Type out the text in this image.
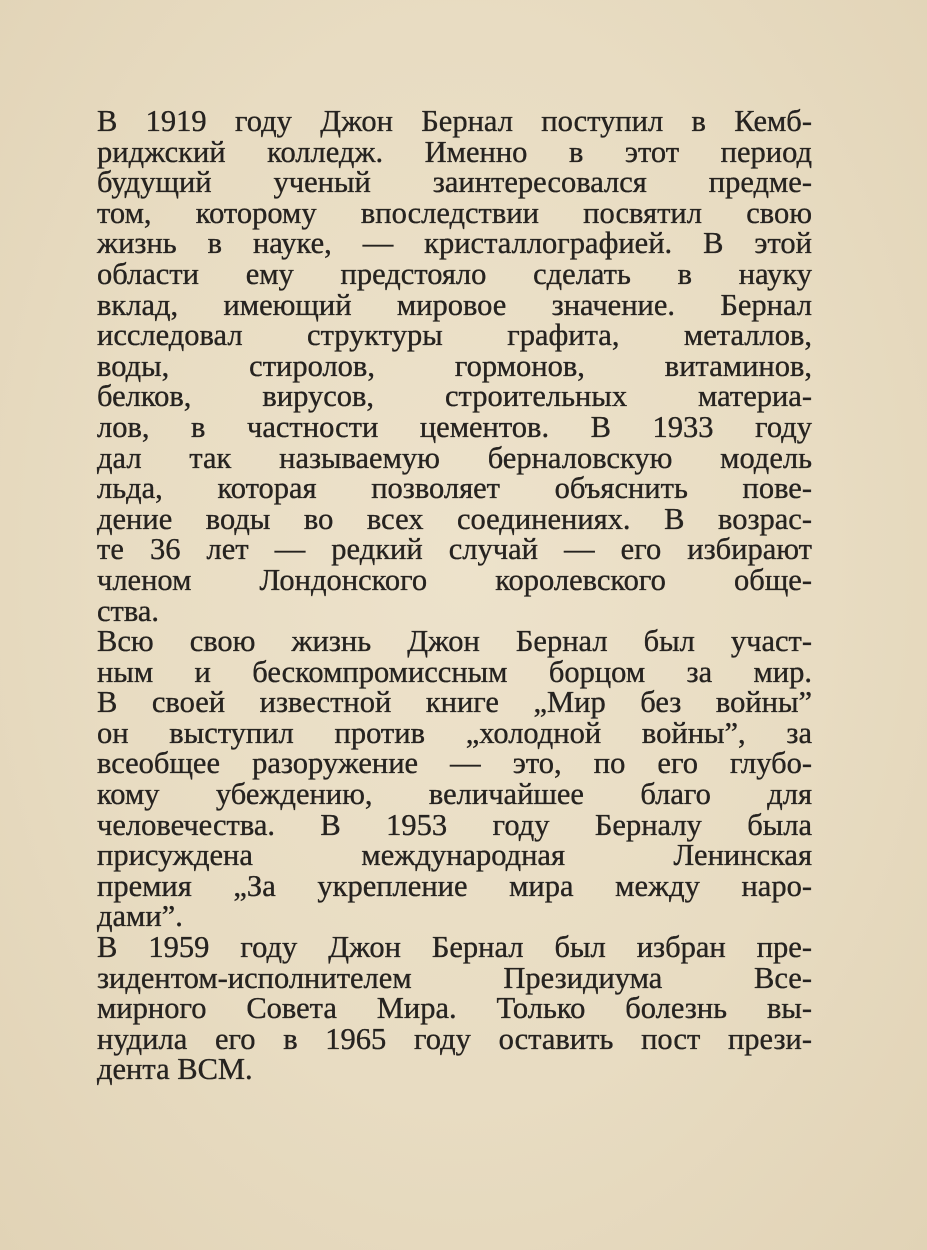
В 1919 году Джон Бернал поступил в Кемб-
риджский колледж. Именно в этот период
будущий ученый заинтересовался предме-
том, которому впоследствии посвятил свою
жизнь в науке, — кристаллографией. В этой
области ему предстояло сделать в науку
вклад, имеющий мировое значение. Бернал
исследовал структуры графита, металлов,
воды, стиролов, гормонов, витаминов,
белков, вирусов, строительных материа-
лов, в частности цементов. В 1933 году
дал так называемую берналовскую модель
льда, которая позволяет объяснить пове-
дение воды во всех соединениях. В возрас-
те 36 лет — редкий случай — его избирают
членом Лондонского королевского обще-
ства.
Всю свою жизнь Джон Бернал был участ-
ным и бескомпромиссным борцом за мир.
В своей известной книге „Мир без войны”
он выступил против „холодной войны”, за
всеобщее разоружение — это, по его глубо-
кому убеждению, величайшее благо для
человечества. В 1953 году Берналу была
присуждена международная Ленинская
премия „За укрепление мира между наро-
дами”.
В 1959 году Джон Бернал был избран пре-
зидентом-исполнителем Президиума Все-
мирного Совета Мира. Только болезнь вы-
нудила его в 1965 году оставить пост прези-
дента ВСМ.
